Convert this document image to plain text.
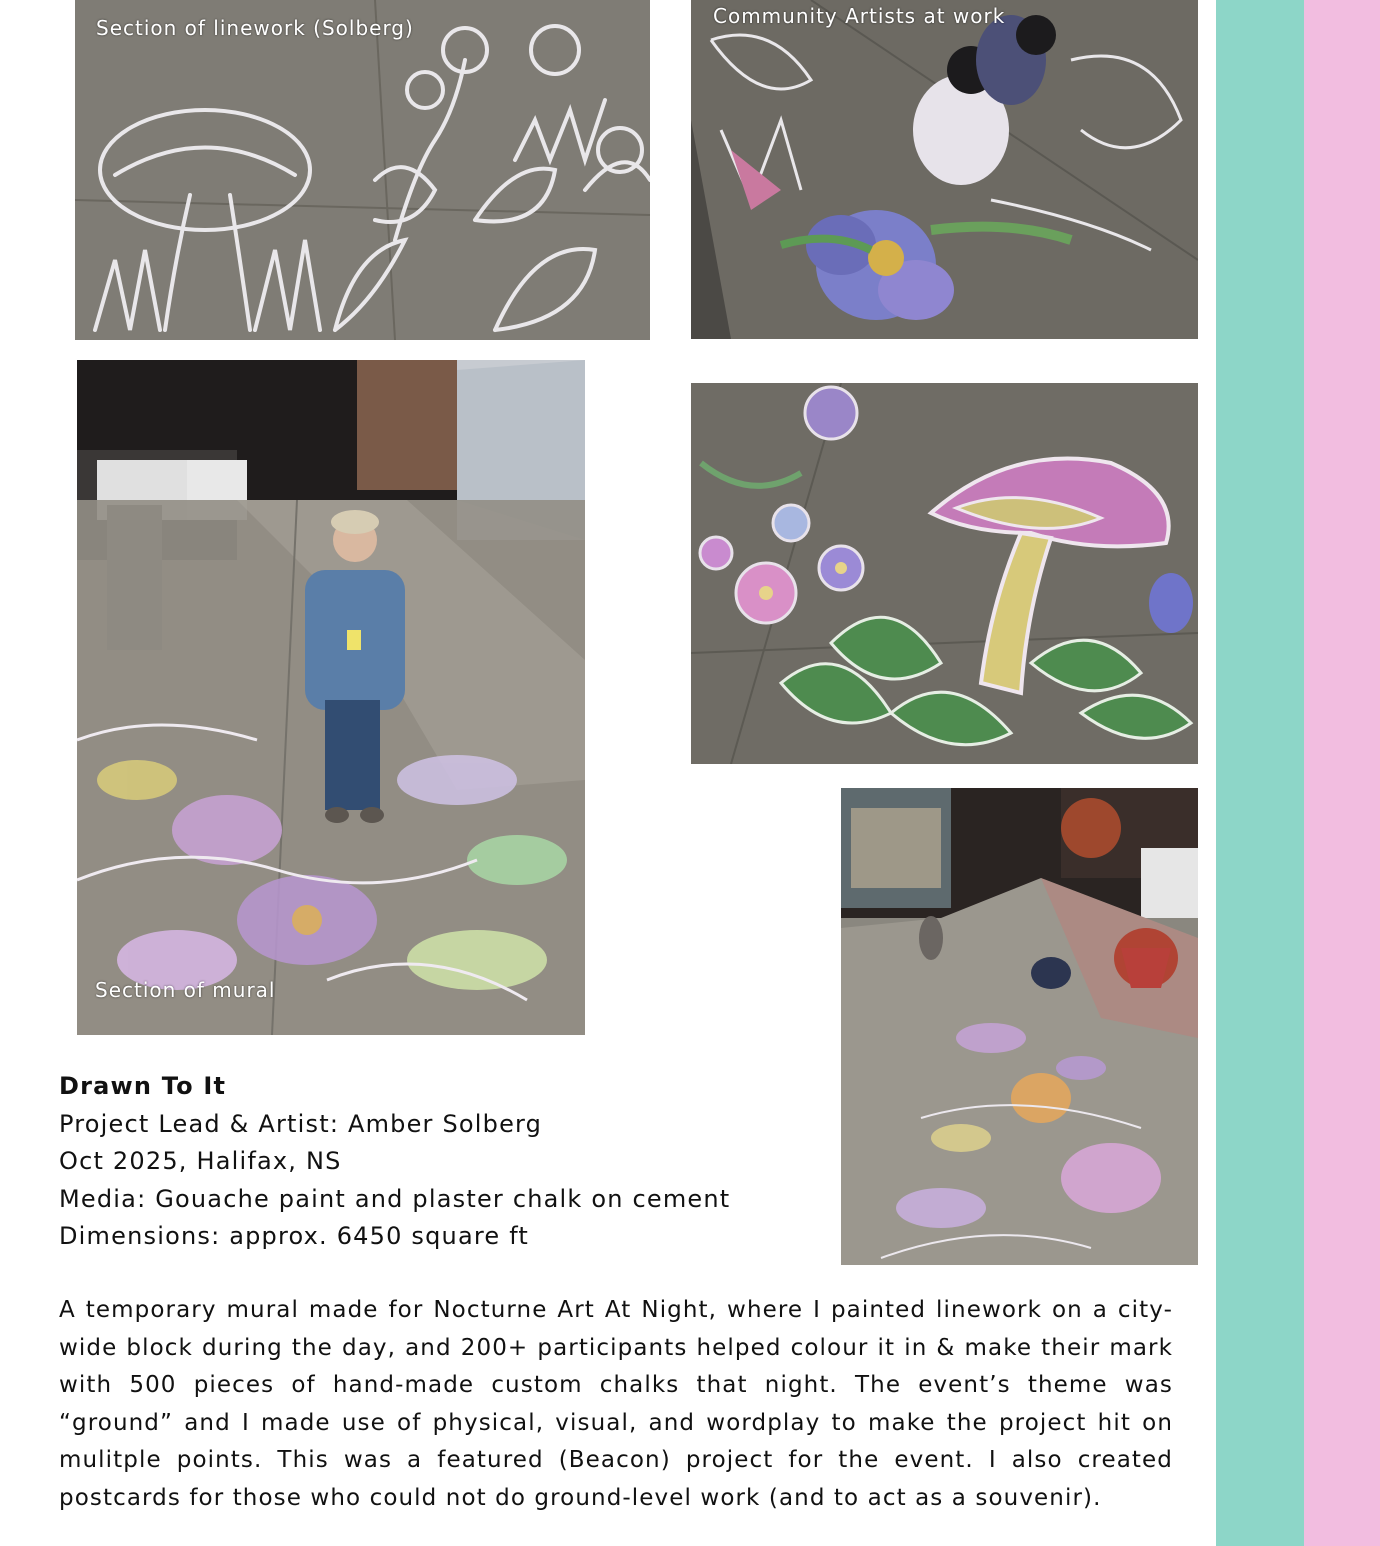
Section of linework (Solberg)	Community Artists at work
Section of mural
Drawn To It
Project Lead & Artist: Amber Solberg
Oct 2025, Halifax, NS
Media: Gouache paint and plaster chalk on cement
Dimensions: approx. 6450 square ft

A temporary mural made for Nocturne Art At Night, where I painted linework on a city-wide block during the day, and 200+ participants helped colour it in & make their mark with 500 pieces of hand-made custom chalks that night. The event’s theme was “ground” and I made use of physical, visual, and wordplay to make the project hit on mulitple points. This was a featured (Beacon) project for the event. I also created postcards for those who could not do ground-level work (and to act as a souvenir).
